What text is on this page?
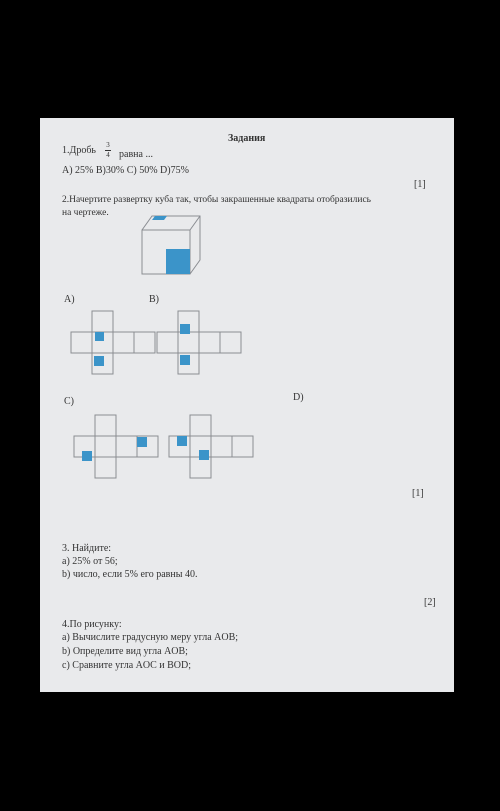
Задания
1.Дробь 3
4 равна ...
A) 25% B)30% C) 50% D)75%
[1]
2.Начертите развертку куба так, чтобы закрашенные квадраты отобразились
на чертеже.
A)	B)
C)	D)
[1]
3. Найдите:
a) 25% от 56;
b) число, если 5% его равны 40.
[2]
4.По рисунку:
a) Вычислите градусную меру угла AOB;
b) Определите вид угла AOB;
c) Сравните угла AOC и BOD;
